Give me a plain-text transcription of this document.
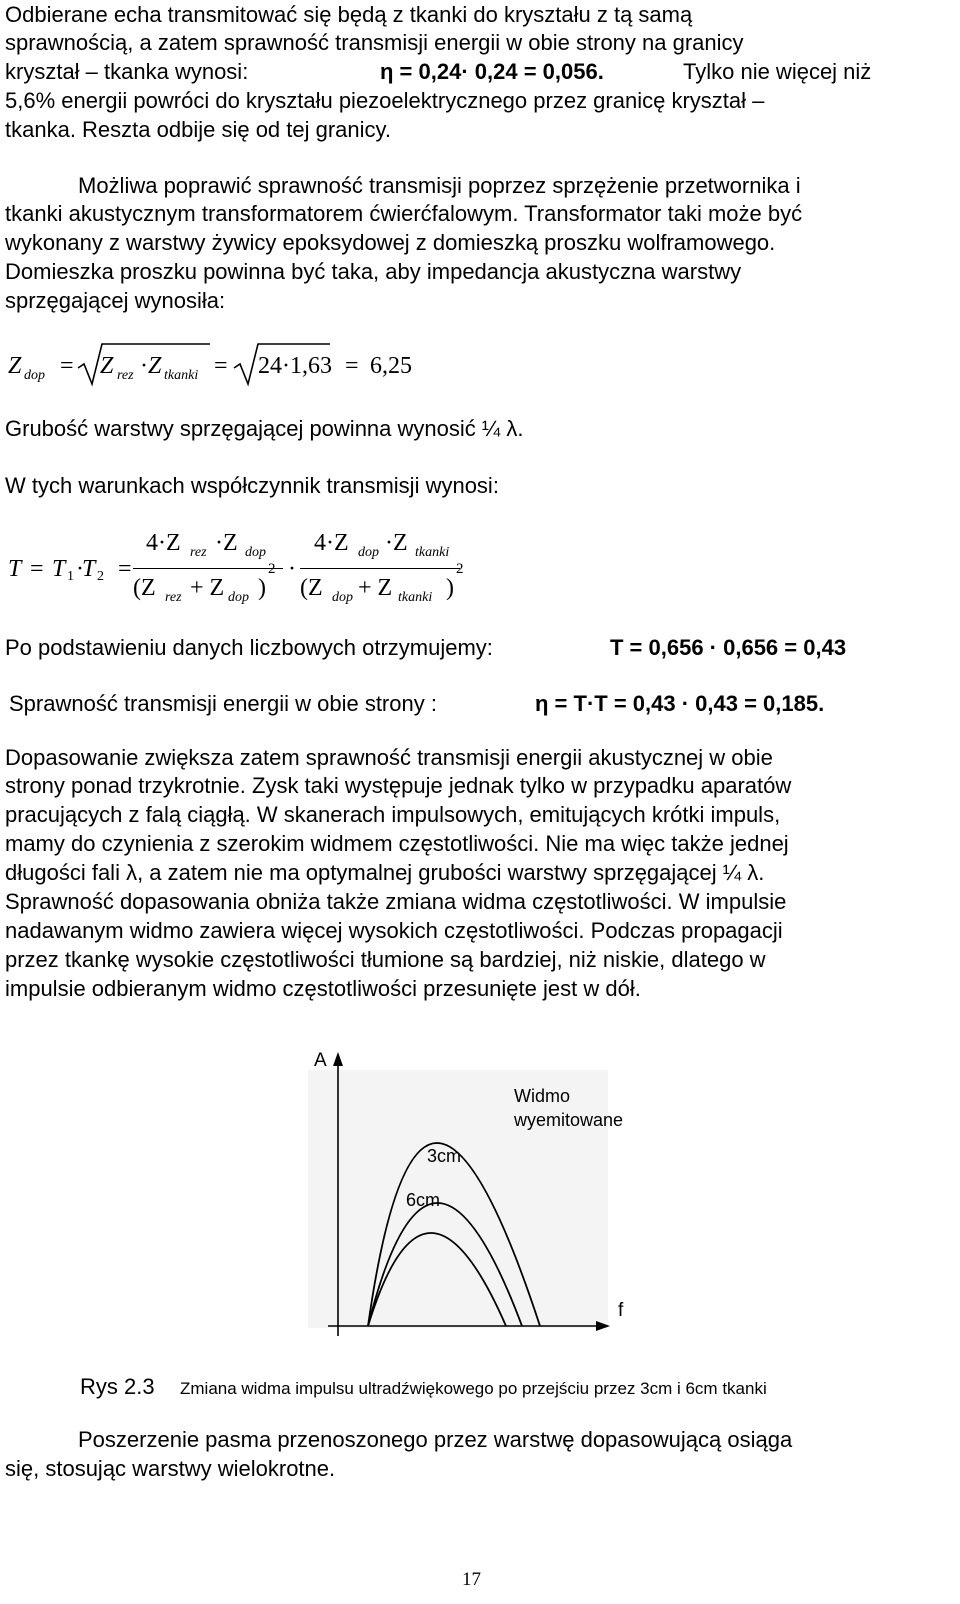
Odbierane echa transmitować się będą z tkanki do kryształu z tą samą
sprawnością, a zatem sprawność transmisji energii w obie strony na granicy
kryształ – tkanka wynosi:	η = 0,24· 0,24 = 0,056.	Tylko nie więcej niż
5,6% energii powróci do kryształu piezoelektrycznego przez granicę kryształ –
tkanka. Reszta odbije się od tej granicy.
Możliwa poprawić sprawność transmisji poprzez sprzężenie przetwornika i
tkanki akustycznym transformatorem ćwierćfalowym. Transformator taki może być
wykonany z warstwy żywicy epoksydowej z domieszką proszku wolframowego.
Domieszka proszku powinna być taka, aby impedancja akustyczna warstwy
sprzęgającej wynosiła:
Z dop = Z rez · Z tkanki = 24·1,63 = 6,25
Grubość warstwy sprzęgającej powinna wynosić ¼ λ.
W tych warunkach współczynnik transmisji wynosi:
T = T 1 ·
T 2 =
4·Z rez ·Z dop
(Z rez + Z dop )
2 ·
4·Z dop ·Z tkanki
(Z dop + Z tkanki )
2
Po podstawieniu danych liczbowych otrzymujemy:	T = 0,656 · 0,656 = 0,43
Sprawność transmisji energii w obie strony :	η = T·T = 0,43 · 0,43 = 0,185.
Dopasowanie zwiększa zatem sprawność transmisji energii akustycznej w obie
strony ponad trzykrotnie. Zysk taki występuje jednak tylko w przypadku aparatów
pracujących z falą ciągłą. W skanerach impulsowych, emitujących krótki impuls,
mamy do czynienia z szerokim widmem częstotliwości. Nie ma więc także jednej
długości fali λ, a zatem nie ma optymalnej grubości warstwy sprzęgającej ¼ λ.
Sprawność dopasowania obniża także zmiana widma częstotliwości. W impulsie
nadawanym widmo zawiera więcej wysokich częstotliwości. Podczas propagacji
przez tkankę wysokie częstotliwości tłumione są bardziej, niż niskie, dlatego w
impulsie odbieranym widmo częstotliwości przesunięte jest w dół.
A
f
Widmo
wyemitowane
3cm
6cm
Rys 2.3 Zmiana widma impulsu ultradźwiękowego po przejściu przez 3cm i 6cm tkanki
Poszerzenie pasma przenoszonego przez warstwę dopasowującą osiąga
się, stosując warstwy wielokrotne.
17
